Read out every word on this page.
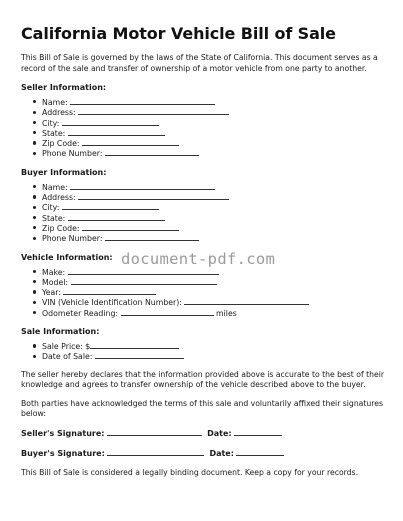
California Motor Vehicle Bill of Sale

This Bill of Sale is governed by the laws of the State of California. This document serves as a record of the sale and transfer of ownership of a motor vehicle from one party to another.

Seller Information:
Name:
Address:
City:
State:
Zip Code:
Phone Number:
Buyer Information:
Name:
Address:
City:
State:
Zip Code:
Phone Number:
Vehicle Information:
Make:
Model:
Year:
VIN (Vehicle Identification Number):
Odometer Reading:	miles
Sale Information:
Sale Price: $
Date of Sale:

The seller hereby declares that the information provided above is accurate to the best of their knowledge and agrees to transfer ownership of the vehicle described above to the buyer.

Both parties have acknowledged the terms of this sale and voluntarily affixed their signatures below:

Seller's Signature:	Date:
Buyer's Signature:	Date:

This Bill of Sale is considered a legally binding document. Keep a copy for your records.

document-pdf.com
